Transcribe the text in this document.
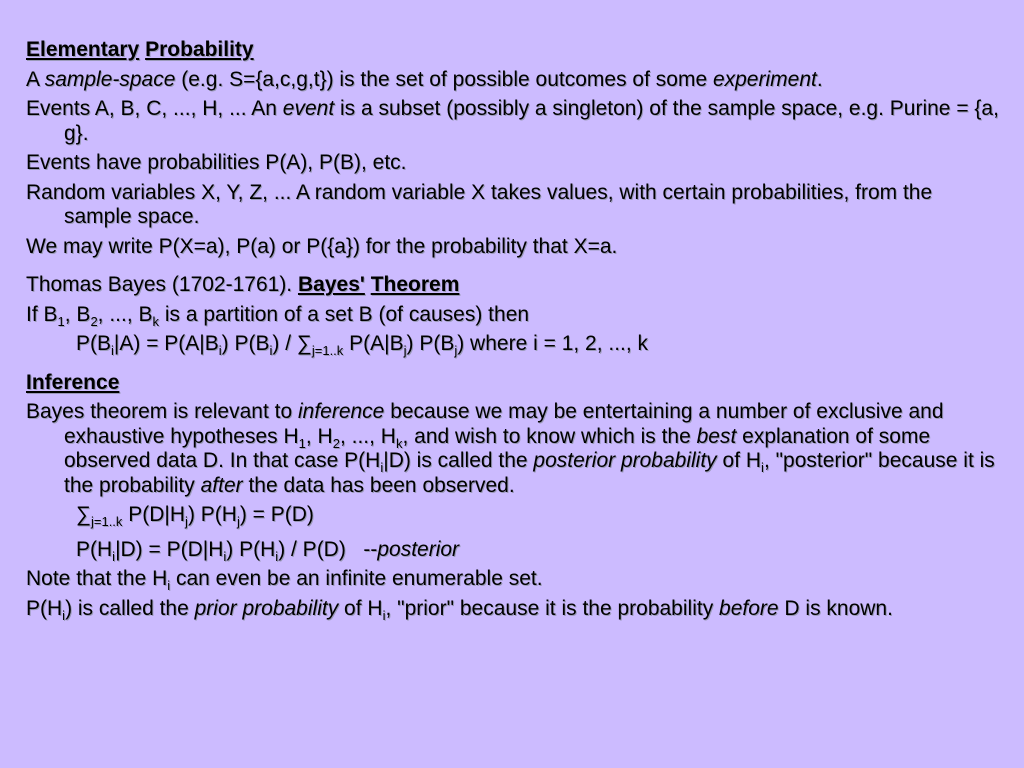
Elementary Probability
A sample-space (e.g. S={a,c,g,t}) is the set of possible outcomes of some experiment.
Events A, B, C, ..., H, ... An event is a subset (possibly a singleton) of the sample space, e.g. Purine = {a, g}.
Events have probabilities P(A), P(B), etc.
Random variables X, Y, Z, ... A random variable X takes values, with certain probabilities, from the sample space.
We may write P(X=a), P(a) or P({a}) for the probability that X=a.
Thomas Bayes (1702-1761). Bayes' Theorem
If $B_1$, $B_2$, ..., $B_k$ is a partition of a set B (of causes) then
$P(B_i|A) = P(A|B_i)$ $P(B_i) / \sum_{j=1..k}$ $P(A|B_j)$ $P(B_j)$ where i = 1, 2, ..., k
Inference
Bayes theorem is relevant to inference because we may be entertaining a number of exclusive and exhaustive hypotheses $H_1$, $H_2$, ..., $H_k$, and wish to know which is the best explanation of some observed data D. In that case $P(H_i|D)$ is called the posterior probability of $H_i$, "posterior" because it is the probability after the data has been observed.
$\sum_{j=1..k}$ $P(D|H_j) P(H_j) = P(D)$
$P(H_i|D) = P(D|H_i)$ $P(H_i) / P(D)$   --posterior
Note that the $H_i$ can even be an infinite enumerable set.
$P(H_i)$ is called the prior probability of $H_i$, "prior" because it is the probability before D is known.
